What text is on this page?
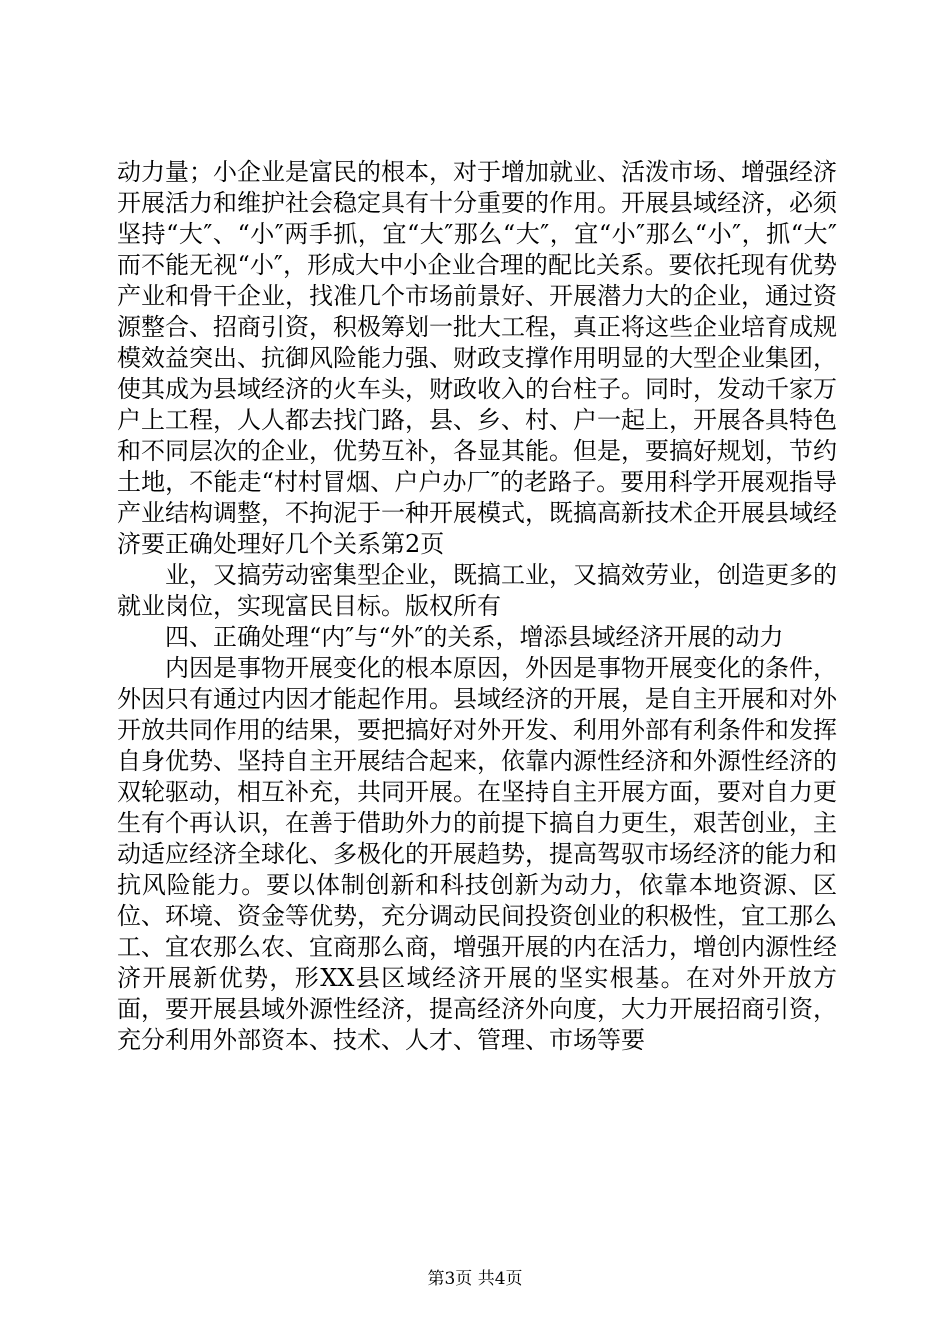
动力量；小企业是富民的根本，对于增加就业、活泼市场、增强经济开展活力和维护社会稳定具有十分重要的作用。开展县域经济，必须坚持“大″、“小″两手抓，宜“大″那么“大″，宜“小″那么“小″，抓“大″而不能无视“小″，形成大中小企业合理的配比关系。要依托现有优势产业和骨干企业，找准几个市场前景好、开展潜力大的企业，通过资源整合、招商引资，积极筹划一批大工程，真正将这些企业培育成规模效益突出、抗御风险能力强、财政支撑作用明显的大型企业集团，使其成为县域经济的火车头，财政收入的台柱子。同时，发动千家万户上工程，人人都去找门路，县、乡、村、户一起上，开展各具特色和不同层次的企业，优势互补，各显其能。但是，要搞好规划，节约土地，不能走“村村冒烟、户户办厂″的老路子。要用科学开展观指导产业结构调整，不拘泥于一种开展模式，既搞高新技术企开展县域经济要正确处理好几个关系第2页

业，又搞劳动密集型企业，既搞工业，又搞效劳业，创造更多的就业岗位，实现富民目标。版权所有

四、正确处理“内″与“外″的关系，增添县域经济开展的动力

内因是事物开展变化的根本原因，外因是事物开展变化的条件，外因只有通过内因才能起作用。县域经济的开展，是自主开展和对外开放共同作用的结果，要把搞好对外开发、利用外部有利条件和发挥自身优势、坚持自主开展结合起来，依靠内源性经济和外源性经济的双轮驱动，相互补充，共同开展。在坚持自主开展方面，要对自力更生有个再认识，在善于借助外力的前提下搞自力更生，艰苦创业，主动适应经济全球化、多极化的开展趋势，提高驾驭市场经济的能力和抗风险能力。要以体制创新和科技创新为动力，依靠本地资源、区位、环境、资金等优势，充分调动民间投资创业的积极性，宜工那么工、宜农那么农、宜商那么商，增强开展的内在活力，增创内源性经济开展新优势，形XX县区域经济开展的坚实根基。在对外开放方面，要开展县域外源性经济，提高经济外向度，大力开展招商引资，充分利用外部资本、技术、人才、管理、市场等要

第3页 共4页
